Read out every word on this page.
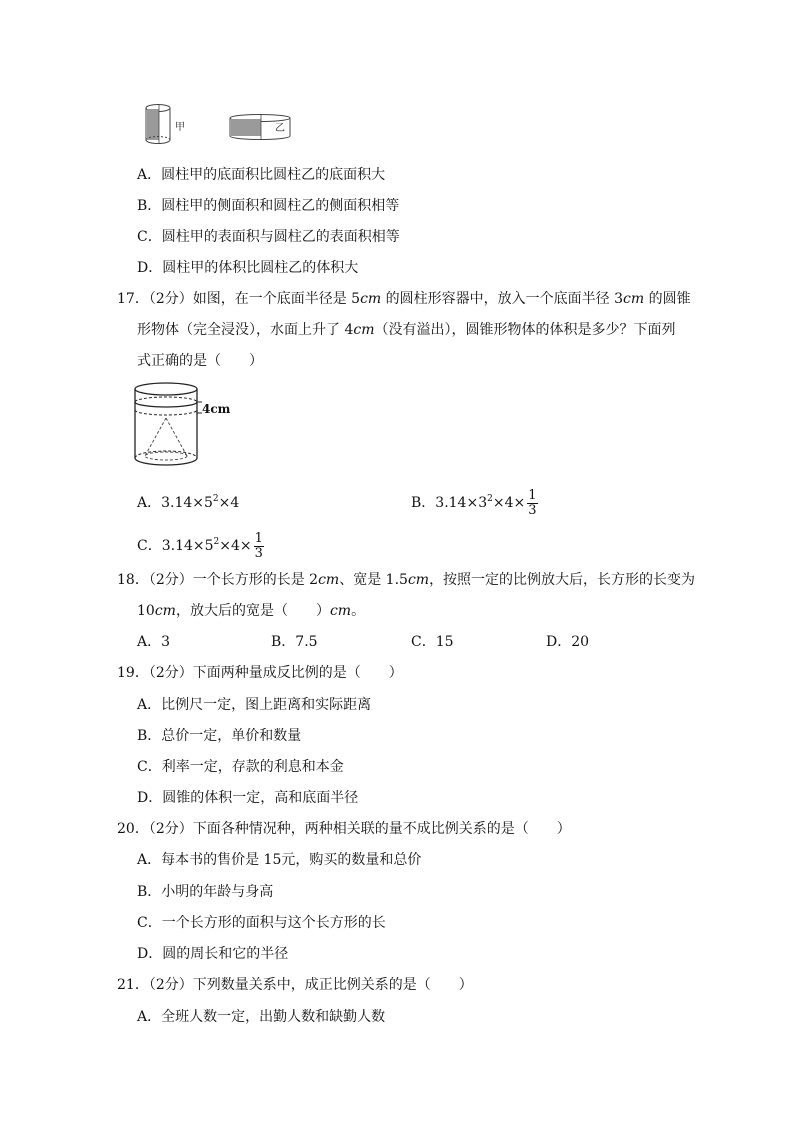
甲	乙
A．圆柱甲的底面积比圆柱乙的底面积大
B．圆柱甲的侧面积和圆柱乙的侧面积相等
C．圆柱甲的表面积与圆柱乙的表面积相等
D．圆柱甲的体积比圆柱乙的体积大
17．（2分）如图，在一个底面半径是 5cm 的圆柱形容器中，放入一个底面半径 3cm 的圆锥
形物体（完全浸没），水面上升了 4cm（没有溢出），圆锥形物体的体积是多少？下面列
式正确的是（　　）
4cm
A．$3.14\times 5^2\times 4$	B．$3.14\times 3^2\times 4\times \frac{1}{3}$
C．$3.14\times 5^2\times 4\times \frac{1}{3}$
18．（2分）一个长方形的长是 2cm、宽是 1.5cm，按照一定的比例放大后，长方形的长变为
10cm，放大后的宽是（　　）cm。
A．3	B．7.5	C．15	D．20
19．（2分）下面两种量成反比例的是（　　）
A．比例尺一定，图上距离和实际距离
B．总价一定，单价和数量
C．利率一定，存款的利息和本金
D．圆锥的体积一定，高和底面半径
20．（2分）下面各种情况种，两种相关联的量不成比例关系的是（　　）
A．每本书的售价是 15元，购买的数量和总价
B．小明的年龄与身高
C．一个长方形的面积与这个长方形的长
D．圆的周长和它的半径
21．（2分）下列数量关系中，成正比例关系的是（　　）
A．全班人数一定，出勤人数和缺勤人数
